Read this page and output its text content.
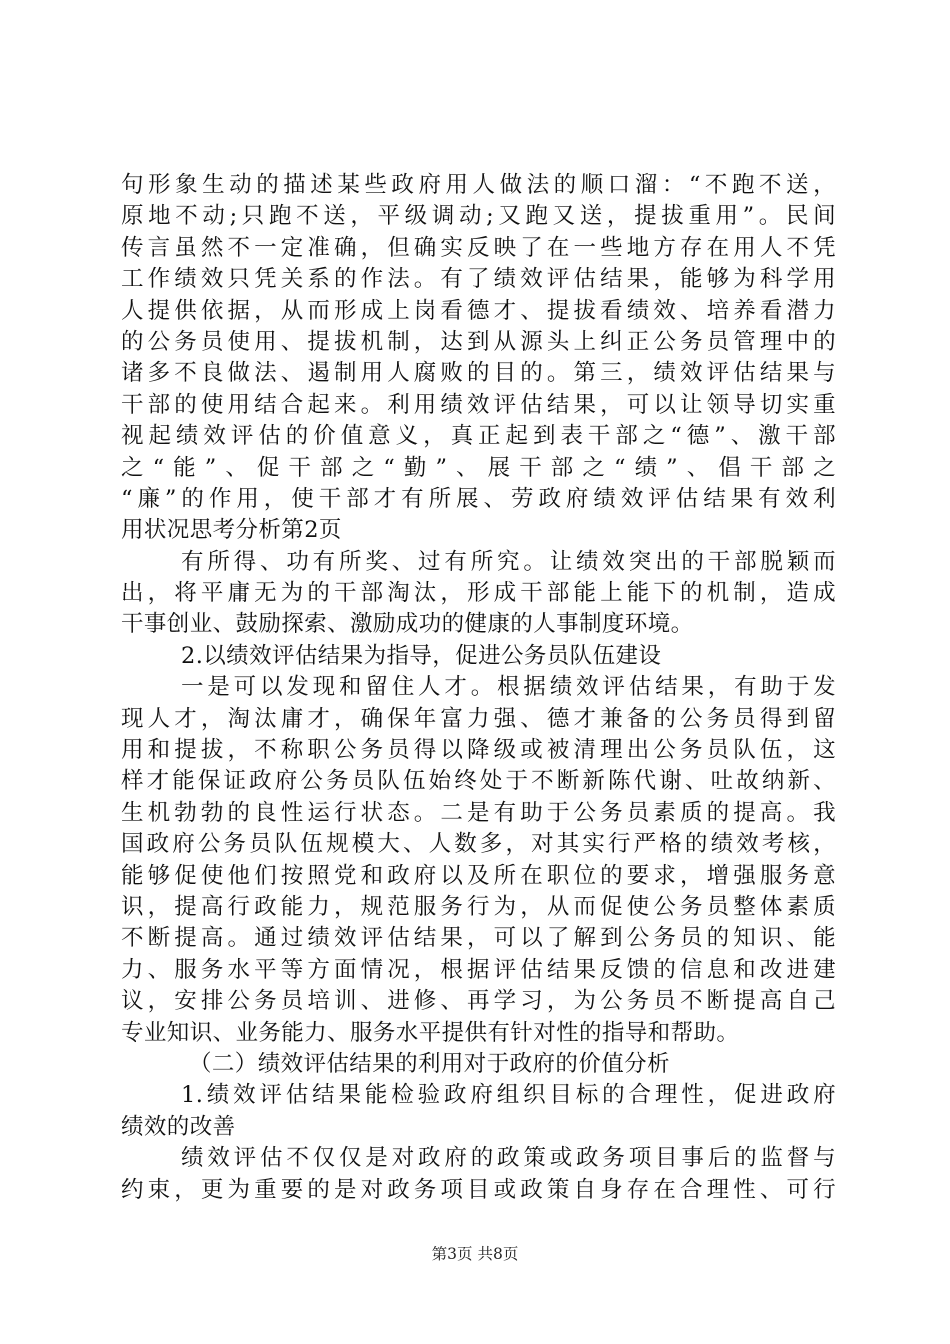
句形象生动的描述某些政府用人做法的顺口溜：“不跑不送，
原地不动;只跑不送，平级调动;又跑又送，提拔重用”。民间
传言虽然不一定准确，但确实反映了在一些地方存在用人不凭
工作绩效只凭关系的作法。有了绩效评估结果，能够为科学用
人提供依据，从而形成上岗看德才、提拔看绩效、培养看潜力
的公务员使用、提拔机制，达到从源头上纠正公务员管理中的
诸多不良做法、遏制用人腐败的目的。第三，绩效评估结果与
干部的使用结合起来。利用绩效评估结果，可以让领导切实重
视起绩效评估的价值意义，真正起到表干部之“德”、激干部
之“能”、促干部之“勤”、展干部之“绩”、倡干部之
“廉”的作用，使干部才有所展、劳政府绩效评估结果有效利
用状况思考分析第2页
有所得、功有所奖、过有所究。让绩效突出的干部脱颖而
出，将平庸无为的干部淘汰，形成干部能上能下的机制，造成
干事创业、鼓励探索、激励成功的健康的人事制度环境。
2.以绩效评估结果为指导，促进公务员队伍建设
一是可以发现和留住人才。根据绩效评估结果，有助于发
现人才，淘汰庸才，确保年富力强、德才兼备的公务员得到留
用和提拔，不称职公务员得以降级或被清理出公务员队伍，这
样才能保证政府公务员队伍始终处于不断新陈代谢、吐故纳新、
生机勃勃的良性运行状态。二是有助于公务员素质的提高。我
国政府公务员队伍规模大、人数多，对其实行严格的绩效考核，
能够促使他们按照党和政府以及所在职位的要求，增强服务意
识，提高行政能力，规范服务行为，从而促使公务员整体素质
不断提高。通过绩效评估结果，可以了解到公务员的知识、能
力、服务水平等方面情况，根据评估结果反馈的信息和改进建
议，安排公务员培训、进修、再学习，为公务员不断提高自己
专业知识、业务能力、服务水平提供有针对性的指导和帮助。
（二）绩效评估结果的利用对于政府的价值分析
1.绩效评估结果能检验政府组织目标的合理性，促进政府
绩效的改善
绩效评估不仅仅是对政府的政策或政务项目事后的监督与
约束，更为重要的是对政务项目或政策自身存在合理性、可行
第3页 共8页
